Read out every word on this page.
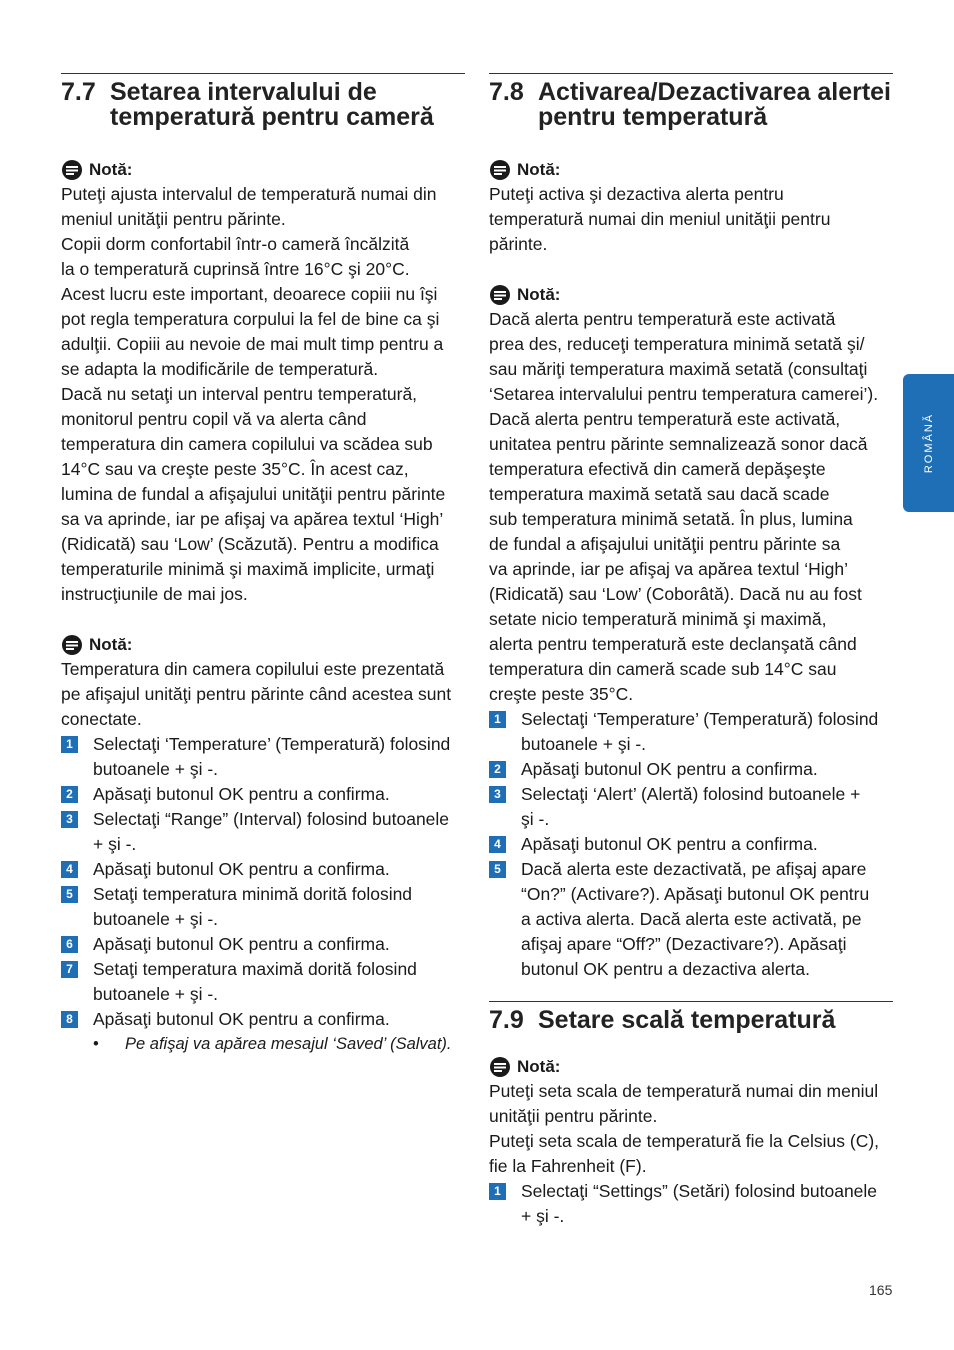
7.7 Setarea intervalului de temperatură pentru cameră
Notă:

Puteţi ajusta intervalul de temperatură numai din
meniul unităţii pentru părinte.
Copii dorm confortabil într-o cameră încălzită
la o temperatură cuprinsă între 16°C şi 20°C.
Acest lucru este important, deoarece copiii nu îşi
pot regla temperatura corpului la fel de bine ca şi
adulţii. Copiii au nevoie de mai mult timp pentru a
se adapta la modificările de temperatură.
Dacă nu setaţi un interval pentru temperatură,
monitorul pentru copil vă va alerta când
temperatura din camera copilului va scădea sub
14°C sau va creşte peste 35°C. În acest caz,
lumina de fundal a afişajului unităţii pentru părinte
sa va aprinde, iar pe afişaj va apărea textul ‘High’
(Ridicată) sau ‘Low’ (Scăzută). Pentru a modifica
temperaturile minimă şi maximă implicite, urmaţi
instrucţiunile de mai jos.

Notă:

Temperatura din camera copilului este prezentată
pe afişajul unităţi pentru părinte când acestea sunt
conectate.

1 Selectaţi ‘Temperature’ (Temperatură) folosind
butoanele + şi -.
2 Apăsaţi butonul OK pentru a confirma.
3 Selectaţi “Range” (Interval) folosind butoanele
+ şi -.
4 Apăsaţi butonul OK pentru a confirma.
5 Setaţi temperatura minimă dorită folosind
butoanele + şi -.
6 Apăsaţi butonul OK pentru a confirma.
7 Setaţi temperatura maximă dorită folosind
butoanele + şi -.
8 Apăsaţi butonul OK pentru a confirma.
•	Pe afişaj va apărea mesajul ‘Saved’ (Salvat).
7.8 Activarea/Dezactivarea alertei pentru temperatură
Notă:

Puteţi activa şi dezactiva alerta pentru
temperatură numai din meniul unităţii pentru
părinte.

Notă:

Dacă alerta pentru temperatură este activată
prea des, reduceţi temperatura minimă setată şi/
sau măriţi temperatura maximă setată (consultaţi
‘Setarea intervalului pentru temperatura camerei’).
Dacă alerta pentru temperatură este activată,
unitatea pentru părinte semnalizează sonor dacă
temperatura efectivă din cameră depăşeşte
temperatura maximă setată sau dacă scade
sub temperatura minimă setată. În plus, lumina
de fundal a afişajului unităţii pentru părinte sa
va aprinde, iar pe afişaj va apărea textul ‘High’
(Ridicată) sau ‘Low’ (Coborâtă). Dacă nu au fost
setate nicio temperatură minimă şi maximă,
alerta pentru temperatură este declanşată când
temperatura din cameră scade sub 14°C sau
creşte peste 35°C.

1 Selectaţi ‘Temperature’ (Temperatură) folosind
butoanele + şi -.
2 Apăsaţi butonul OK pentru a confirma.
3 Selectaţi ‘Alert’ (Alertă) folosind butoanele +
şi -.
4 Apăsaţi butonul OK pentru a confirma.
5 Dacă alerta este dezactivată, pe afişaj apare
“On?” (Activare?). Apăsaţi butonul OK pentru
a activa alerta. Dacă alerta este activată, pe
afişaj apare “Off?” (Dezactivare?). Apăsaţi
butonul OK pentru a dezactiva alerta.
7.9 Setare scală temperatură
Notă:

Puteţi seta scala de temperatură numai din meniul
unităţii pentru părinte.
Puteţi seta scala de temperatură fie la Celsius (C),
fie la Fahrenheit (F).

1 Selectaţi “Settings” (Setări) folosind butoanele
+ şi -.
ROMÂNĂ
165
